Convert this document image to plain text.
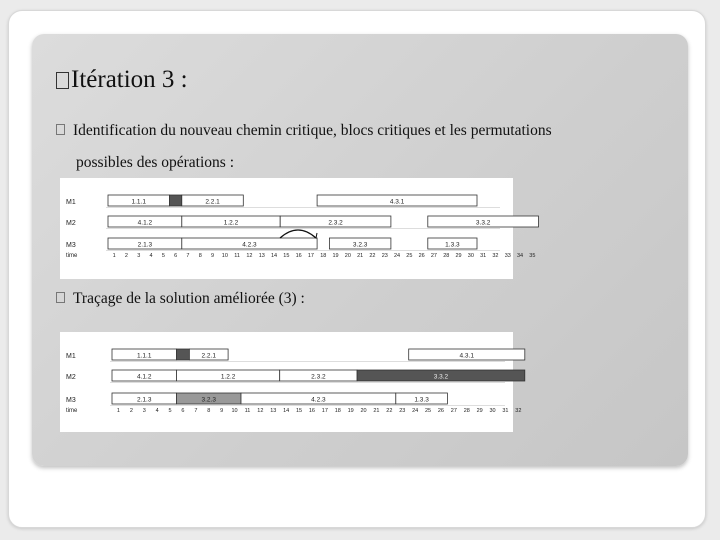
Itération 3 :
Identification du nouveau chemin critique, blocs critiques et les permutations
possibles des opérations :
M1
M2
M3
1.1.1	2.2.1	4.3.1
4.1.2	1.2.2	2.3.2	3.3.2
2.1.3	4.2.3	3.2.3	1.3.3
time	1 2 3 4 5 6 7 8 9 10 11 12 13 14 15 16 17 18 19 20 21 22 23 24 25 26 27 28 29 30 31 32 33 34 35
Traçage de la solution améliorée (3) :
M1
M2
M3
1.1.1	2.2.1	4.3.1
4.1.2	1.2.2	2.3.2	3.3.2
2.1.3	3.2.3	4.2.3	1.3.3
time	1 2 3 4 5 6 7 8 9 10 11 12 13 14 15 16 17 18 19 20 21 22 23 24 25 26 27 28 29 30 31 32
